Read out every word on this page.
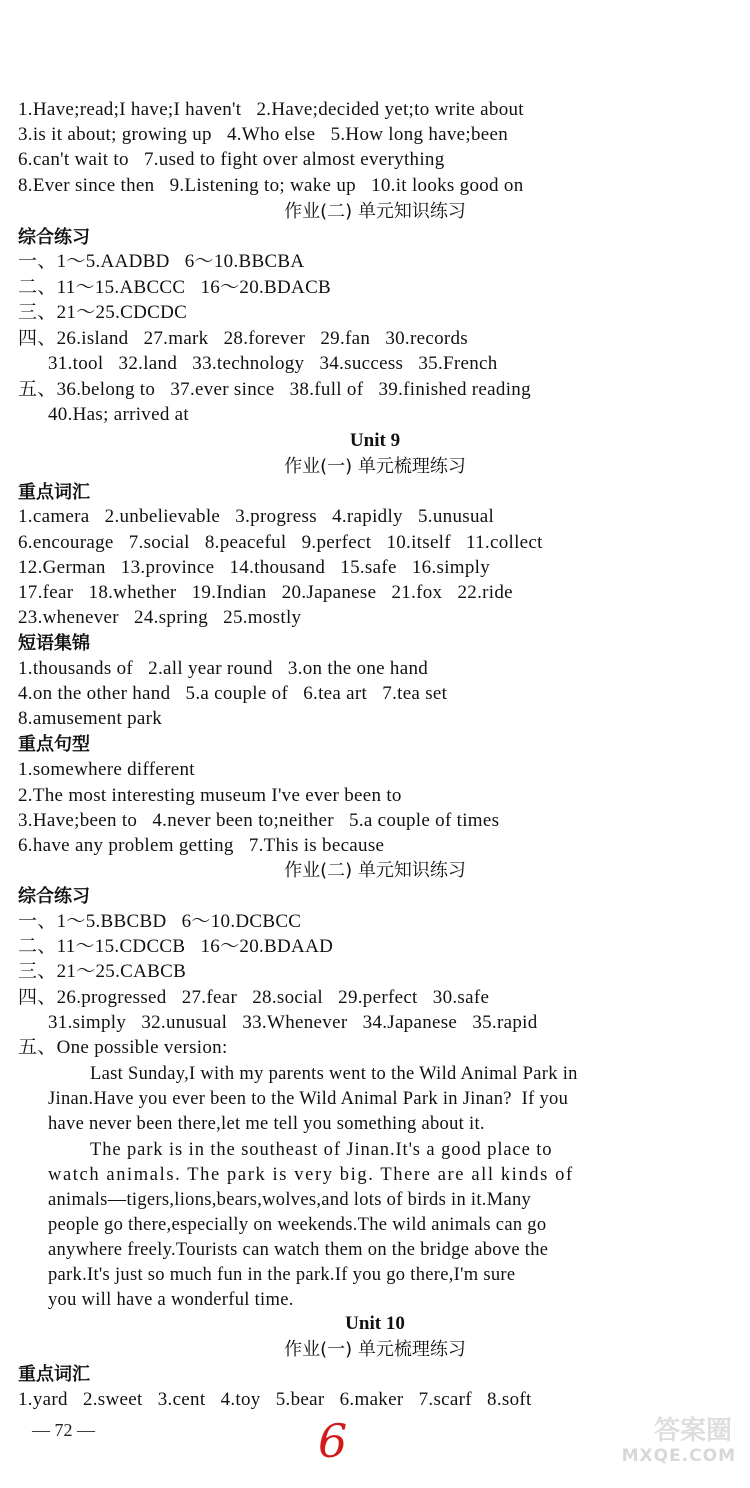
1.Have;read;I have;I haven't   2.Have;decided yet;to write about
3.is it about; growing up   4.Who else   5.How long have;been
6.can't wait to   7.used to fight over almost everything
8.Ever since then   9.Listening to; wake up   10.it looks good on
作业(二) 单元知识练习
综合练习
一、1～5.AADBD   6～10.BBCBA
二、11～15.ABCCC   16～20.BDACB
三、21～25.CDCDC
四、26.island   27.mark   28.forever   29.fan   30.records
31.tool   32.land   33.technology   34.success   35.French
五、36.belong to   37.ever since   38.full of   39.finished reading
40.Has; arrived at
Unit 9
作业(一) 单元梳理练习
重点词汇
1.camera   2.unbelievable   3.progress   4.rapidly   5.unusual
6.encourage   7.social   8.peaceful   9.perfect   10.itself   11.collect
12.German   13.province   14.thousand   15.safe   16.simply
17.fear   18.whether   19.Indian   20.Japanese   21.fox   22.ride
23.whenever   24.spring   25.mostly
短语集锦
1.thousands of   2.all year round   3.on the one hand
4.on the other hand   5.a couple of   6.tea art   7.tea set
8.amusement park
重点句型
1.somewhere different
2.The most interesting museum I've ever been to
3.Have;been to   4.never been to;neither   5.a couple of times
6.have any problem getting   7.This is because
作业(二) 单元知识练习
综合练习
一、1～5.BBCBD   6～10.DCBCC
二、11～15.CDCCB   16～20.BDAAD
三、21～25.CABCB
四、26.progressed   27.fear   28.social   29.perfect   30.safe
31.simply   32.unusual   33.Whenever   34.Japanese   35.rapid
五、One possible version:
Last Sunday,I with my parents went to the Wild Animal Park in
Jinan.Have you ever been to the Wild Animal Park in Jinan?  If you
have never been there,let me tell you something about it.
The park is in the southeast of Jinan.It's a good place to
watch animals. The park is very big. There are all kinds of
animals—tigers,lions,bears,wolves,and lots of birds in it.Many
people go there,especially on weekends.The wild animals can go
anywhere freely.Tourists can watch them on the bridge above the
park.It's just so much fun in the park.If you go there,I'm sure
you will have a wonderful time.
Unit 10
作业(一) 单元梳理练习
重点词汇
1.yard   2.sweet   3.cent   4.toy   5.bear   6.maker   7.scarf   8.soft
— 72 —	6	答案圈
MXQE.COM
